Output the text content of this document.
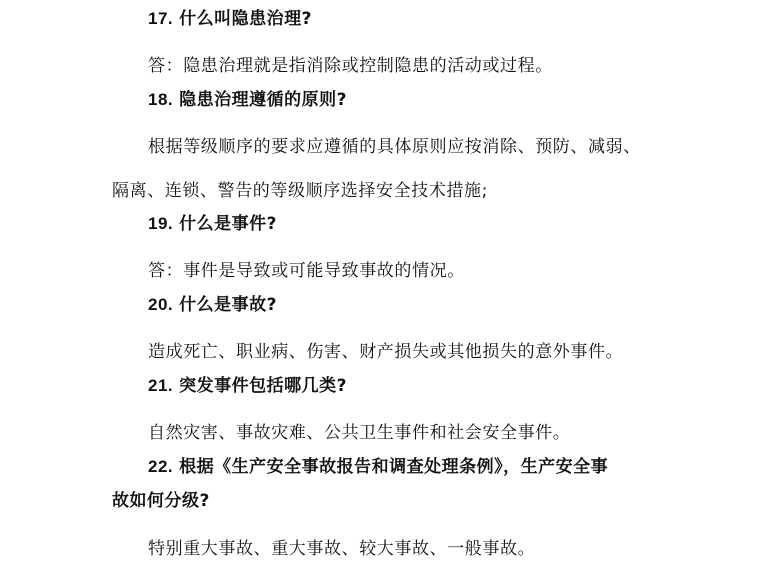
17. 什么叫隐患治理?
答：隐患治理就是指消除或控制隐患的活动或过程。
18. 隐患治理遵循的原则?
根据等级顺序的要求应遵循的具体原则应按消除、预防、减弱、
隔离、连锁、警告的等级顺序选择安全技术措施;
19. 什么是事件?
答：事件是导致或可能导致事故的情况。
20. 什么是事故?
造成死亡、职业病、伤害、财产损失或其他损失的意外事件。
21. 突发事件包括哪几类?
自然灾害、事故灾难、公共卫生事件和社会安全事件。
22. 根据《生产安全事故报告和调查处理条例》，生产安全事
故如何分级?
特别重大事故、重大事故、较大事故、一般事故。
